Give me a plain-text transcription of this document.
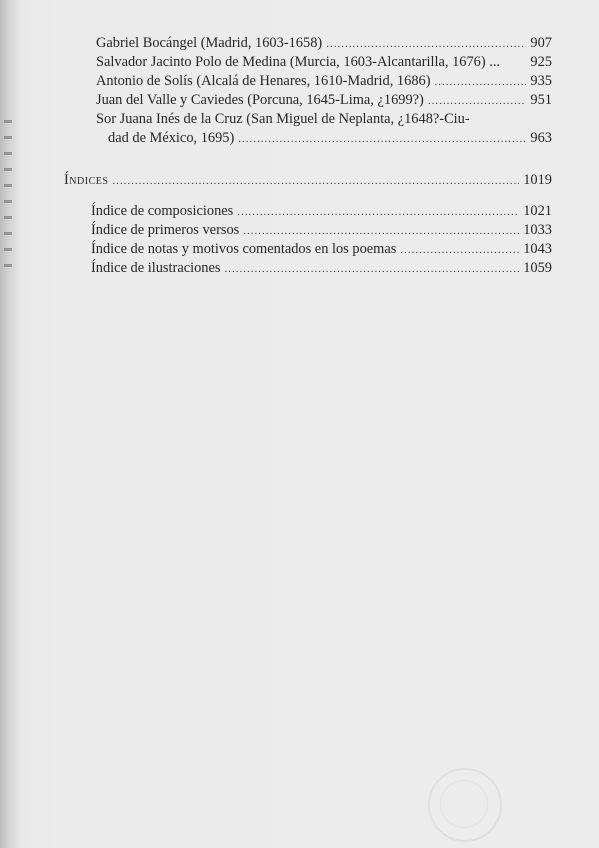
Gabriel Bocángel (Madrid, 1603-1658) .....	907
Salvador Jacinto Polo de Medina (Murcia, 1603-Alcantarilla, 1676) ... 925
Antonio de Solís (Alcalá de Henares, 1610-Madrid, 1686) .....	935
Juan del Valle y Caviedes (Porcuna, 1645-Lima, ¿1699?) .....	951
Sor Juana Inés de la Cruz (San Miguel de Neplanta, ¿1648?-Ciu-
dad de México, 1695) .....	963
Índices .....	1019
Índice de composiciones .....	1021
Índice de primeros versos .....	1033
Índice de notas y motivos comentados en los poemas .....	1043
Índice de ilustraciones .....	1059
